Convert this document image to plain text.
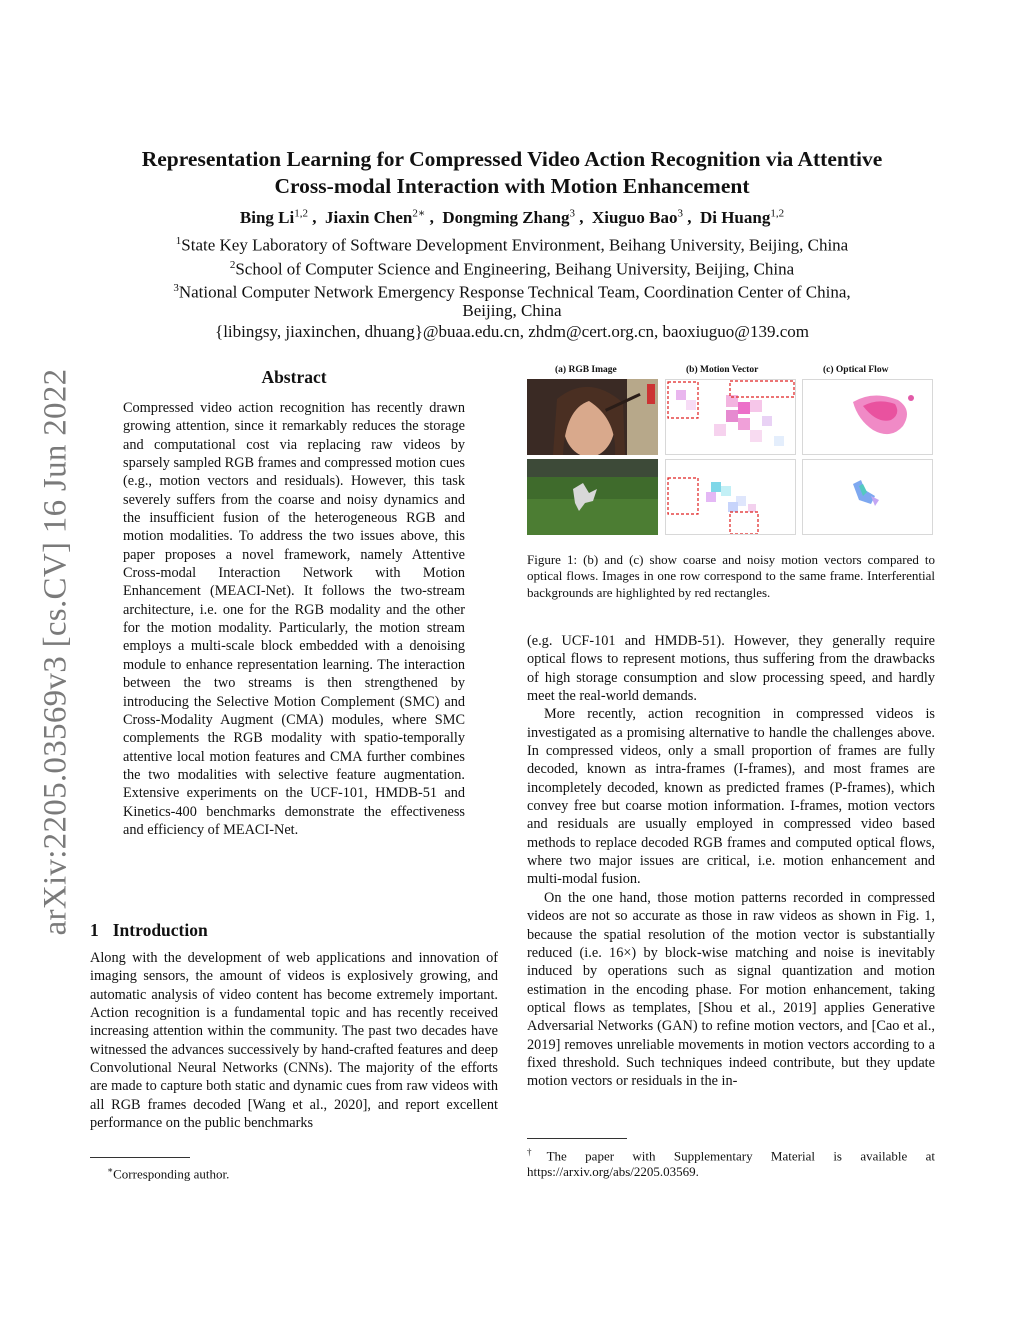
arXiv:2205.03569v3 [cs.CV] 16 Jun 2022
Representation Learning for Compressed Video Action Recognition via Attentive
Cross-modal Interaction with Motion Enhancement
Bing Li$^{1,2}$ ,  Jiaxin Chen$^{2∗}$ ,  Dongming Zhang$^3$ ,  Xiuguo Bao$^3$ ,  Di Huang$^{1,2}$
$^1$State Key Laboratory of Software Development Environment, Beihang University, Beijing, China
$^2$School of Computer Science and Engineering, Beihang University, Beijing, China
$^3$National Computer Network Emergency Response Technical Team, Coordination Center of China,
Beijing, China
{libingsy, jiaxinchen, dhuang}@buaa.edu.cn, zhdm@cert.org.cn, baoxiuguo@139.com
Abstract
Compressed video action recognition has recently drawn growing attention, since it remarkably reduces the storage and computational cost via replacing raw videos by sparsely sampled RGB frames and compressed motion cues (e.g., motion vectors and residuals). However, this task severely suffers from the coarse and noisy dynamics and the insufficient fusion of the heterogeneous RGB and motion modalities. To address the two issues above, this paper proposes a novel framework, namely Attentive Cross-modal Interaction Network with Motion Enhancement (MEACI-Net). It follows the two-stream architecture, i.e. one for the RGB modality and the other for the motion modality. Particularly, the motion stream employs a multi-scale block embedded with a denoising module to enhance representation learning. The interaction between the two streams is then strengthened by introducing the Selective Motion Complement (SMC) and Cross-Modality Augment (CMA) modules, where SMC complements the RGB modality with spatio-temporally attentive local motion features and CMA further combines the two modalities with selective feature augmentation. Extensive experiments on the UCF-101, HMDB-51 and Kinetics-400 benchmarks demonstrate the effectiveness and efficiency of MEACI-Net.
1 Introduction
Along with the development of web applications and innovation of imaging sensors, the amount of videos is explosively growing, and automatic analysis of video content has become extremely important. Action recognition is a fundamental topic and has recently received increasing attention within the community. The past two decades have witnessed the advances successively by hand-crafted features and deep Convolutional Neural Networks (CNNs). The majority of the efforts are made to capture both static and dynamic cues from raw videos with all RGB frames decoded [Wang et al., 2020], and report excellent performance on the public benchmarks
∗Corresponding author.
(a) RGB Image	(b) Motion Vector	(c) Optical Flow
Figure 1: (b) and (c) show coarse and noisy motion vectors compared to optical flows. Images in one row correspond to the same frame. Interferential backgrounds are highlighted by red rectangles.

(e.g. UCF-101 and HMDB-51). However, they generally require optical flows to represent motions, thus suffering from the drawbacks of high storage consumption and slow processing speed, and hardly meet the real-world demands.

More recently, action recognition in compressed videos is investigated as a promising alternative to handle the challenges above. In compressed videos, only a small proportion of frames are fully decoded, known as intra-frames (I-frames), and most frames are incompletely decoded, known as predicted frames (P-frames), which convey free but coarse motion information. I-frames, motion vectors and residuals are usually employed in compressed video based methods to replace decoded RGB frames and computed optical flows, where two major issues are critical, i.e. motion enhancement and multi-modal fusion.

On the one hand, those motion patterns recorded in compressed videos are not so accurate as those in raw videos as shown in Fig. 1, because the spatial resolution of the motion vector is substantially reduced (i.e. 16×) by block-wise matching and noise is inevitably induced by operations such as signal quantization and motion estimation in the encoding phase. For motion enhancement, taking optical flows as templates, [Shou et al., 2019] applies Generative Adversarial Networks (GAN) to refine motion vectors, and [Cao et al., 2019] removes unreliable movements in motion vectors according to a fixed threshold. Such techniques indeed contribute, but they update motion vectors or residuals in the in-

†The paper with Supplementary Material is available at https://arxiv.org/abs/2205.03569.
